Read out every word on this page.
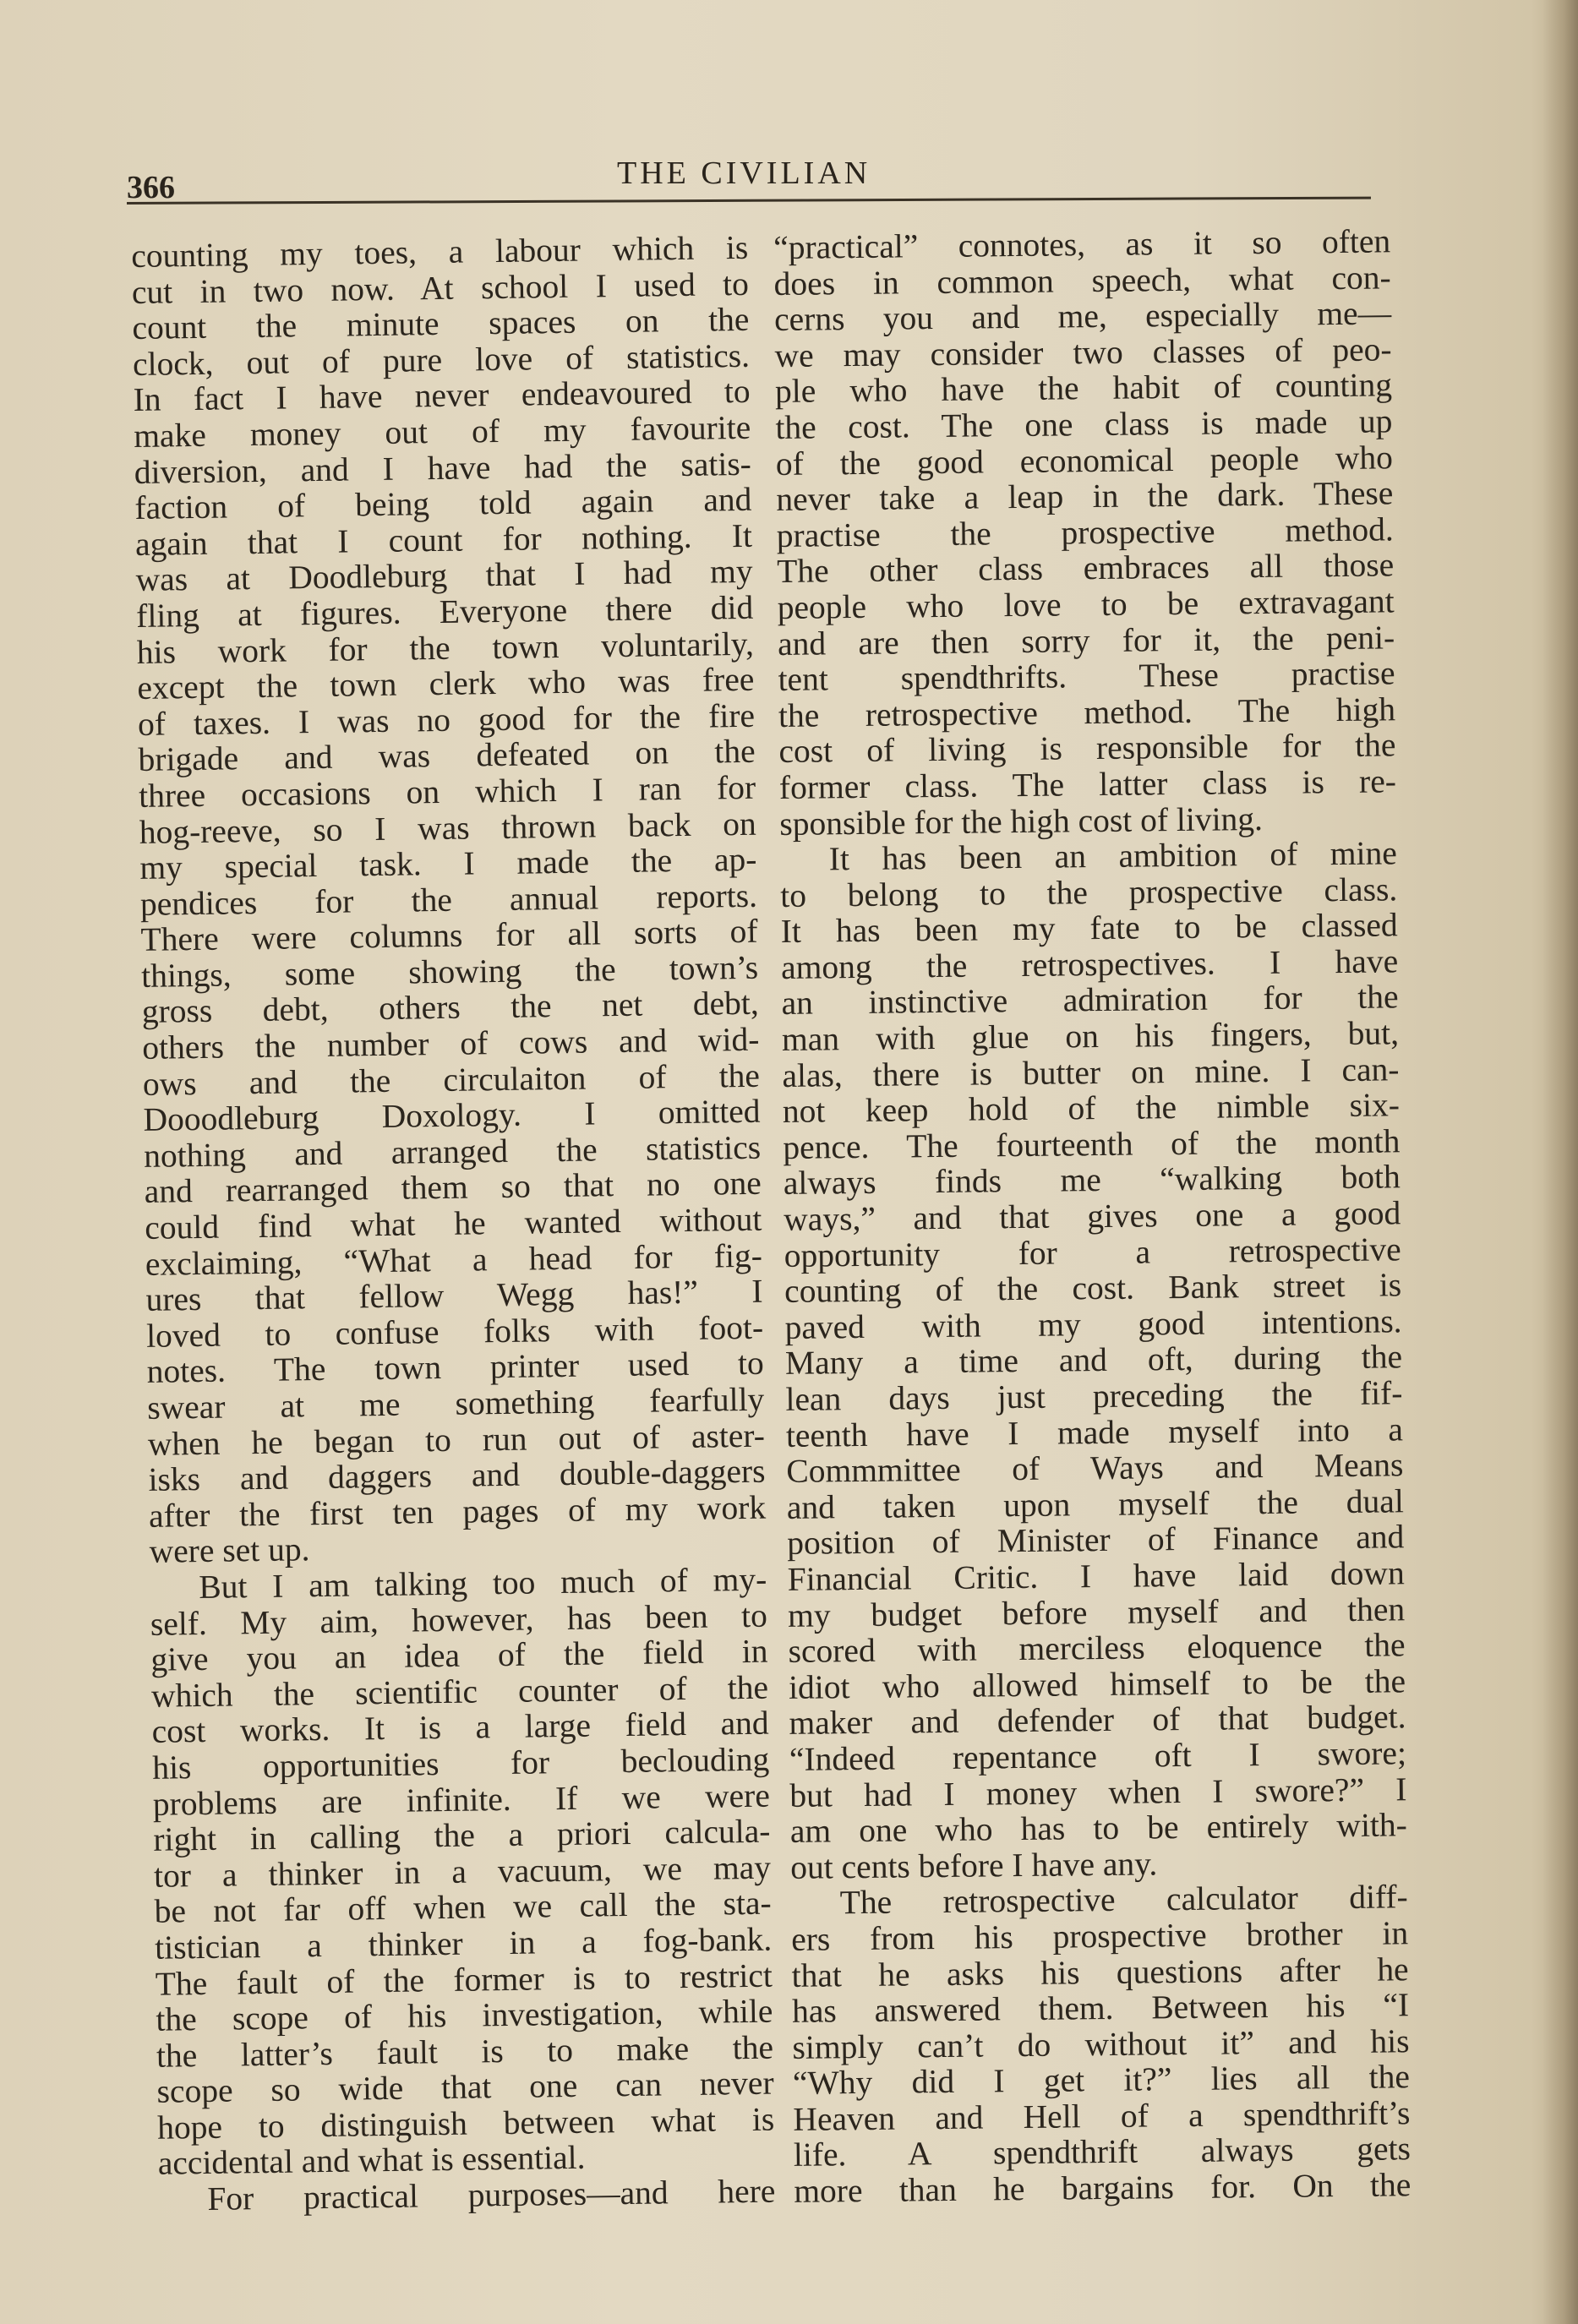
366	THE CIVILIAN
counting my toes, a labour which is
cut in two now. At school I used to
count the minute spaces on the
clock, out of pure love of statistics.
In fact I have never endeavoured to
make money out of my favourite
diversion, and I have had the satis-
faction of being told again and
again that I count for nothing. It
was at Doodleburg that I had my
fling at figures. Everyone there did
his work for the town voluntarily,
except the town clerk who was free
of taxes. I was no good for the fire
brigade and was defeated on the
three occasions on which I ran for
hog-reeve, so I was thrown back on
my special task. I made the ap-
pendices for the annual reports.
There were columns for all sorts of
things, some showing the town’s
gross debt, others the net debt,
others the number of cows and wid-
ows and the circulaiton of the
Dooodleburg Doxology. I omitted
nothing and arranged the statistics
and rearranged them so that no one
could find what he wanted without
exclaiming, “What a head for fig-
ures that fellow Wegg has!” I
loved to confuse folks with foot-
notes. The town printer used to
swear at me something fearfully
when he began to run out of aster-
isks and daggers and double-daggers
after the first ten pages of my work
were set up.
But I am talking too much of my-
self. My aim, however, has been to
give you an idea of the field in
which the scientific counter of the
cost works. It is a large field and
his opportunities for beclouding
problems are infinite. If we were
right in calling the a priori calcula-
tor a thinker in a vacuum, we may
be not far off when we call the sta-
tistician a thinker in a fog-bank.
The fault of the former is to restrict
the scope of his investigation, while
the latter’s fault is to make the
scope so wide that one can never
hope to distinguish between what is
accidental and what is essential.
For practical purposes—and here
“practical” connotes, as it so often
does in common speech, what con-
cerns you and me, especially me—
we may consider two classes of peo-
ple who have the habit of counting
the cost. The one class is made up
of the good economical people who
never take a leap in the dark. These
practise the prospective method.
The other class embraces all those
people who love to be extravagant
and are then sorry for it, the peni-
tent spendthrifts. These practise
the retrospective method. The high
cost of living is responsible for the
former class. The latter class is re-
sponsible for the high cost of living.
It has been an ambition of mine
to belong to the prospective class.
It has been my fate to be classed
among the retrospectives. I have
an instinctive admiration for the
man with glue on his fingers, but,
alas, there is butter on mine. I can-
not keep hold of the nimble six-
pence. The fourteenth of the month
always finds me “walking both
ways,” and that gives one a good
opportunity for a retrospective
counting of the cost. Bank street is
paved with my good intentions.
Many a time and oft, during the
lean days just preceding the fif-
teenth have I made myself into a
Commmittee of Ways and Means
and taken upon myself the dual
position of Minister of Finance and
Financial Critic. I have laid down
my budget before myself and then
scored with merciless eloquence the
idiot who allowed himself to be the
maker and defender of that budget.
“Indeed repentance oft I swore;
but had I money when I swore?” I
am one who has to be entirely with-
out cents before I have any.
The retrospective calculator diff-
ers from his prospective brother in
that he asks his questions after he
has answered them. Between his “I
simply can’t do without it” and his
“Why did I get it?” lies all the
Heaven and Hell of a spendthrift’s
life. A spendthrift always gets
more than he bargains for. On the
